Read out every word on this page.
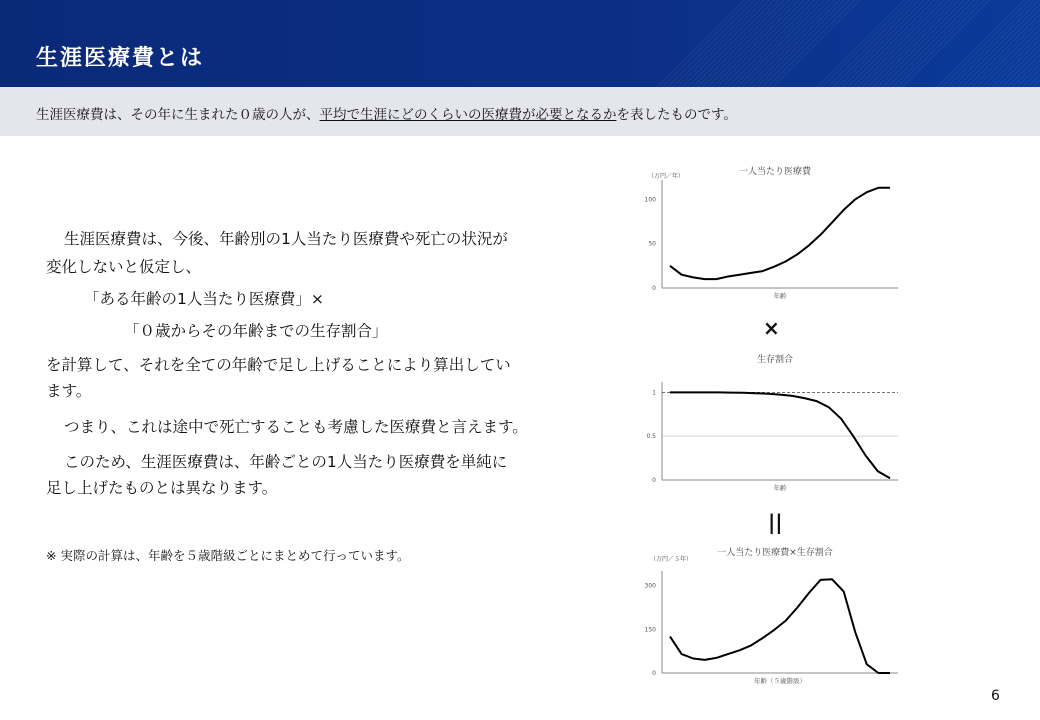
生涯医療費とは
生涯医療費は、その年に生まれた０歳の人が、平均で生涯にどのくらいの医療費が必要となるかを表したものです。
生涯医療費は、今後、年齢別の1人当たり医療費や死亡の状況が
変化しないと仮定し、
「ある年齢の1人当たり医療費」×
「０歳からその年齢までの生存割合」
を計算して、それを全ての年齢で足し上げることにより算出してい
ます。
つまり、これは途中で死亡することも考慮した医療費と言えます。
このため、生涯医療費は、年齢ごとの1人当たり医療費を単純に
足し上げたものとは異なります。
※ 実際の計算は、年齢を５歳階級ごとにまとめて行っています。
×
||
一人当たり医療費
（万円／年）
0
50
100
年齢
生存割合
0
0.5
1
年齢
一人当たり医療費×生存割合
（万円／５年）
0
150
300
年齢（５歳階級）
6
